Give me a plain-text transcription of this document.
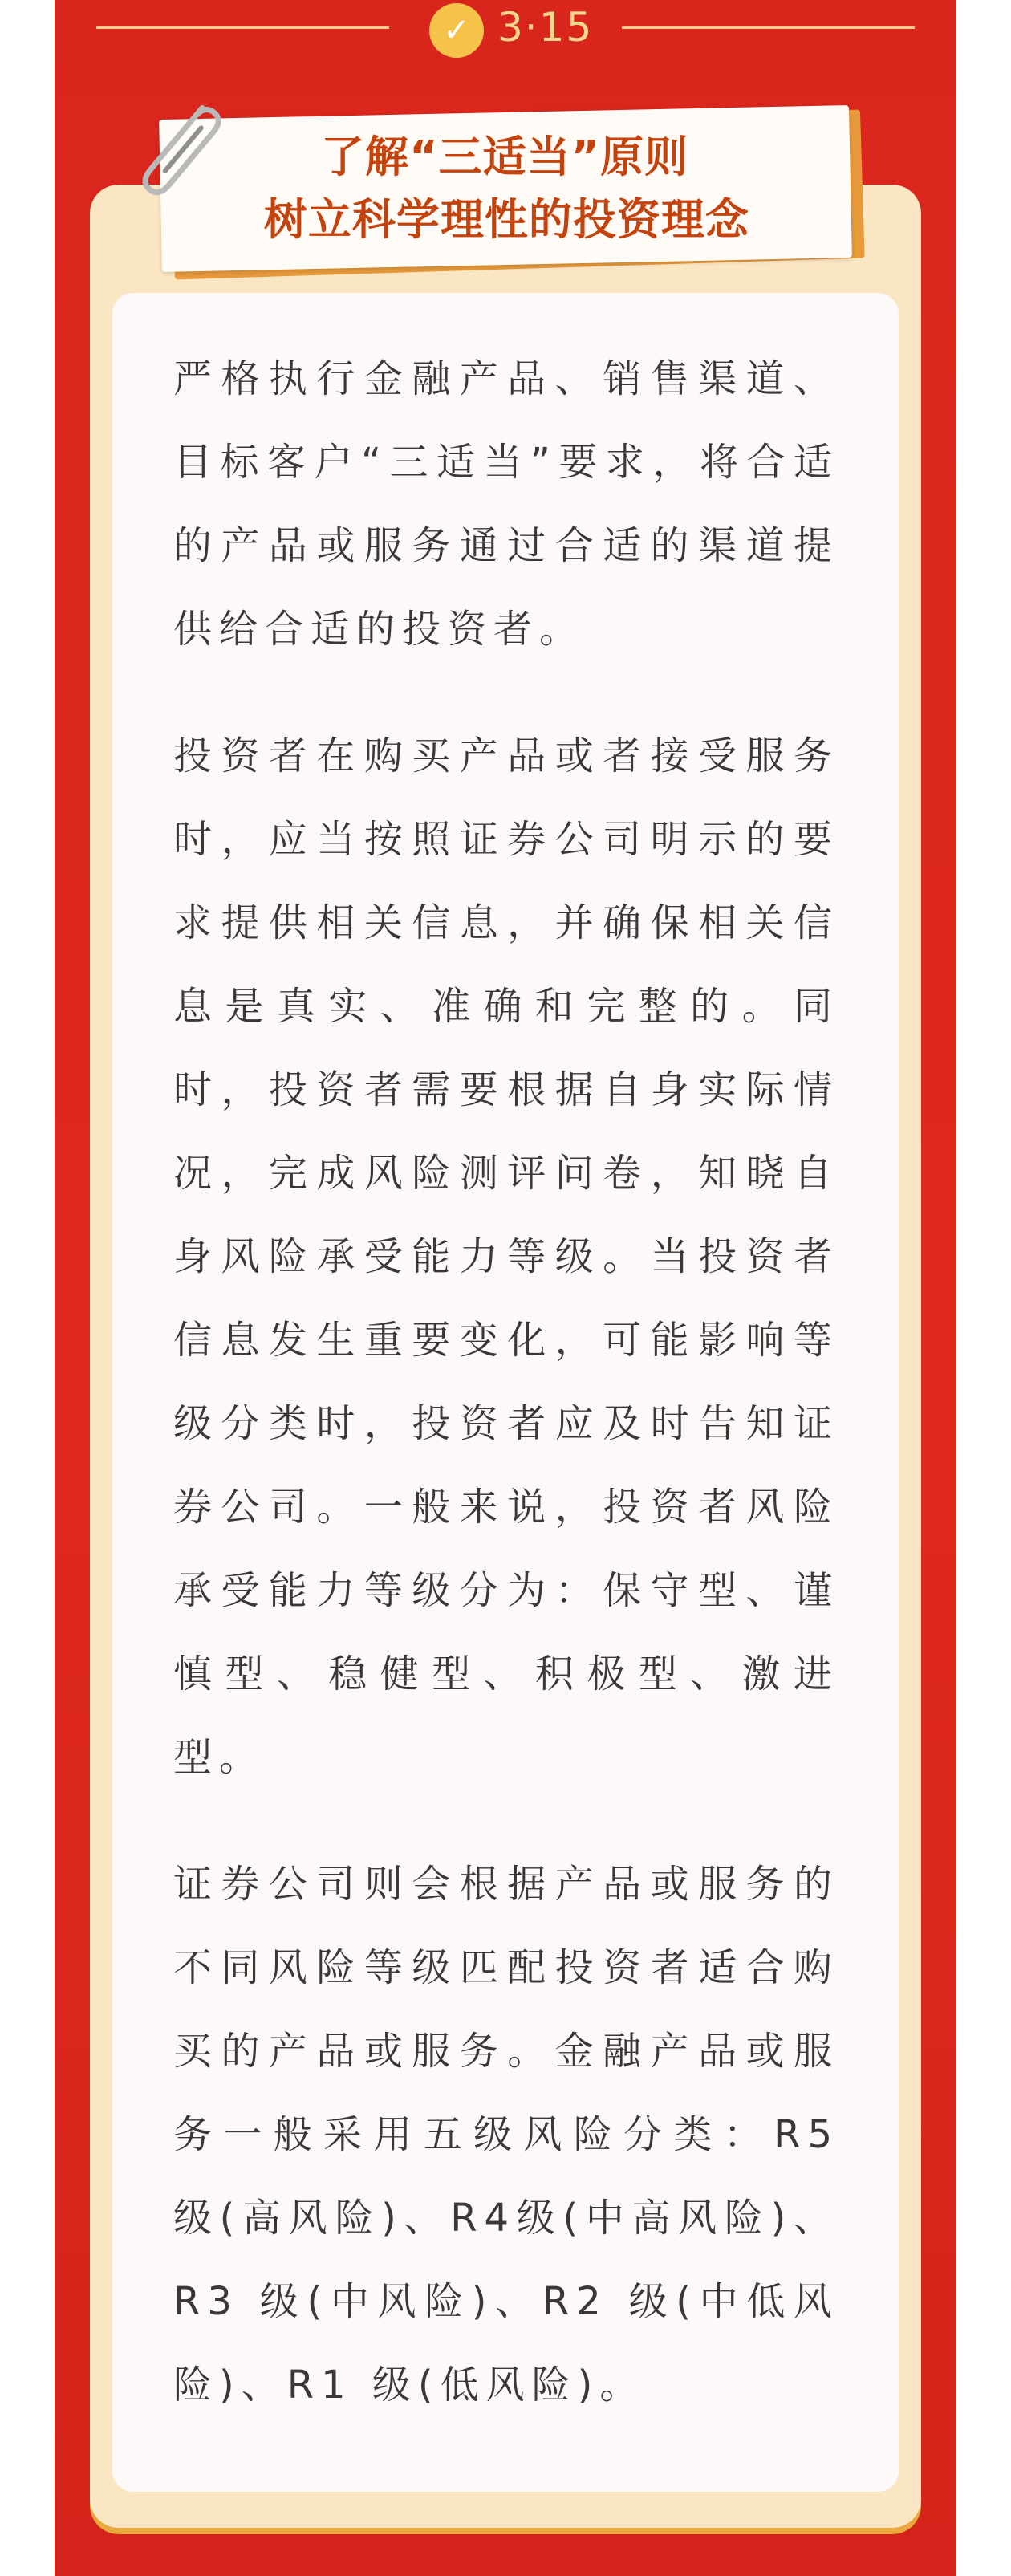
✓ 3·15
了解“三适当”原则
树立科学理性的投资理念

严格执行金融产品、销售渠道、目标客户“三适当”要求，将合适的产品或服务通过合适的渠道提供给合适的投资者。

投资者在购买产品或者接受服务时，应当按照证券公司明示的要求提供相关信息，并确保相关信息是真实、准确和完整的。同时，投资者需要根据自身实际情况，完成风险测评问卷，知晓自身风险承受能力等级。当投资者信息发生重要变化，可能影响等级分类时，投资者应及时告知证券公司。一般来说，投资者风险承受能力等级分为：保守型、谨慎型、稳健型、积极型、激进型。

证券公司则会根据产品或服务的不同风险等级匹配投资者适合购买的产品或服务。金融产品或服务一般采用五级风险分类：R5 级(高风险)、R4级(中高风险)、R3 级(中风险)、R2 级(中低风险)、R1 级(低风险)。
